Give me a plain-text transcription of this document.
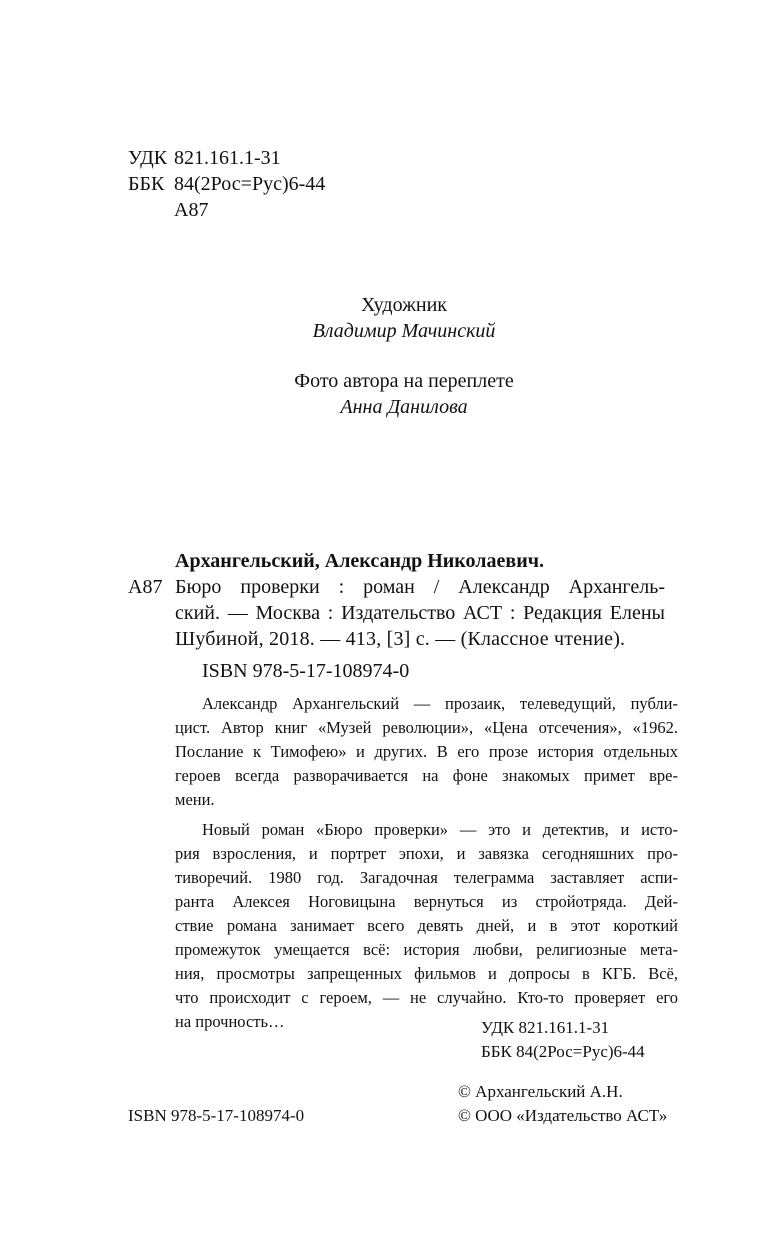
УДК 821.161.1-31
ББК 84(2Рос=Рус)6-44
А87
Художник
Владимир Мачинский
Фото автора на переплете
Анна Данилова
Архангельский, Александр Николаевич.
А87 Бюро проверки : роман / Александр Архангель-
ский. — Москва : Издательство АСТ : Редакция Елены
Шубиной, 2018. — 413, [3] с. — (Классное чтение).
ISBN 978-5-17-108974-0
Александр Архангельский — прозаик, телеведущий, публи-
цист. Автор книг «Музей революции», «Цена отсечения», «1962.
Послание к Тимофею» и других. В его прозе история отдельных
героев всегда разворачивается на фоне знакомых примет вре-
мени.
Новый роман «Бюро проверки» — это и детектив, и исто-
рия взросления, и портрет эпохи, и завязка сегодняшних про-
тиворечий. 1980 год. Загадочная телеграмма заставляет аспи-
ранта Алексея Ноговицына вернуться из стройотряда. Дей-
ствие романа занимает всего девять дней, и в этот короткий
промежуток умещается всё: история любви, религиозные мета-
ния, просмотры запрещенных фильмов и допросы в КГБ. Всё,
что происходит с героем, — не случайно. Кто-то проверяет его
на прочность…	УДК 821.161.1-31
ББК 84(2Рос=Рус)6-44
© Архангельский А.Н.
ISBN 978-5-17-108974-0	© ООО «Издательство АСТ»
